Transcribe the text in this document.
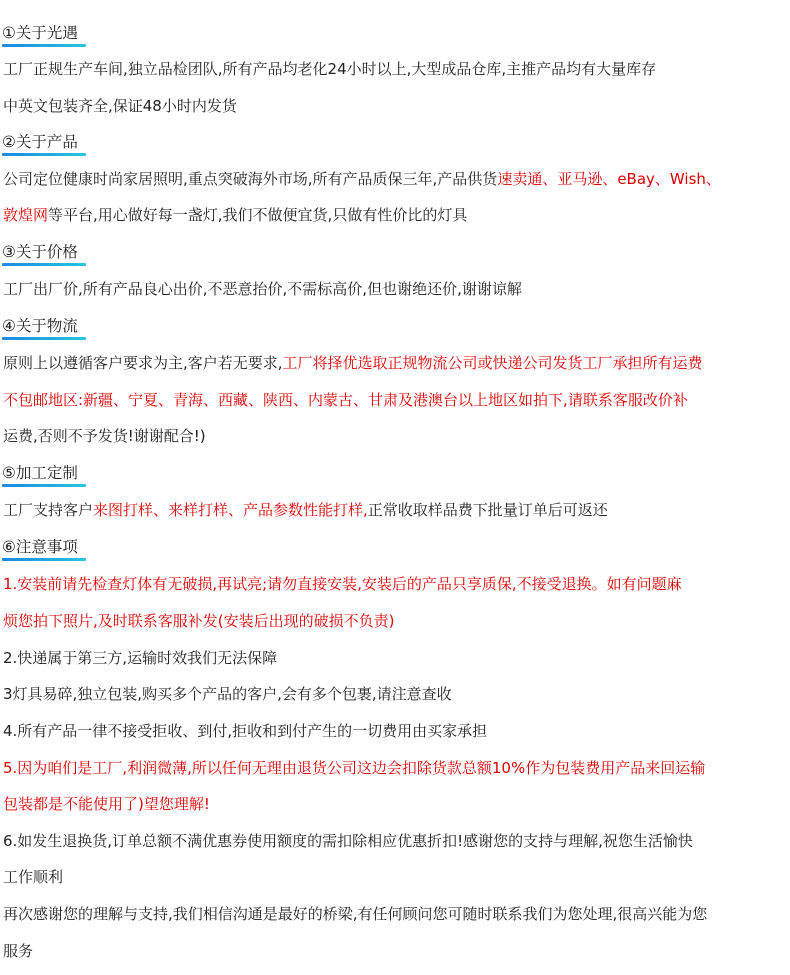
①关于光遇
工厂正规生产车间,独立品检团队,所有产品均老化24小时以上,大型成品仓库,主推产品均有大量库存
中英文包装齐全,保证48小时内发货
②关于产品
公司定位健康时尚家居照明,重点突破海外市场,所有产品质保三年,产品供货速卖通、亚马逊、eBay、Wish、
敦煌网等平台,用心做好每一盏灯,我们不做便宜货,只做有性价比的灯具
③关于价格
工厂出厂价,所有产品良心出价,不恶意抬价,不需标高价,但也谢绝还价,谢谢谅解
④关于物流
原则上以遵循客户要求为主,客户若无要求,工厂将择优选取正规物流公司或快递公司发货工厂承担所有运费
不包邮地区:新疆、宁夏、青海、西藏、陕西、内蒙古、甘肃及港澳台以上地区如拍下,请联系客服改价补
运费,否则不予发货!谢谢配合!)
⑤加工定制
工厂支持客户来图打样、来样打样、产品参数性能打样,正常收取样品费下批量订单后可返还
⑥注意事项
1.安装前请先检查灯体有无破损,再试亮;请勿直接安装,安装后的产品只享质保,不接受退换。如有问题麻
烦您拍下照片,及时联系客服补发(安装后出现的破损不负责)
2.快递属于第三方,运输时效我们无法保障
3灯具易碎,独立包装,购买多个产品的客户,会有多个包裹,请注意查收
4.所有产品一律不接受拒收、到付,拒收和到付产生的一切费用由买家承担
5.因为咱们是工厂,利润微薄,所以任何无理由退货公司这边会扣除货款总额10%作为包装费用产品来回运输
包装都是不能使用了)望您理解!
6.如发生退换货,订单总额不满优惠券使用额度的需扣除相应优惠折扣!感谢您的支持与理解,祝您生活愉快
工作顺利
再次感谢您的理解与支持,我们相信沟通是最好的桥梁,有任何顾问您可随时联系我们为您处理,很高兴能为您
服务
